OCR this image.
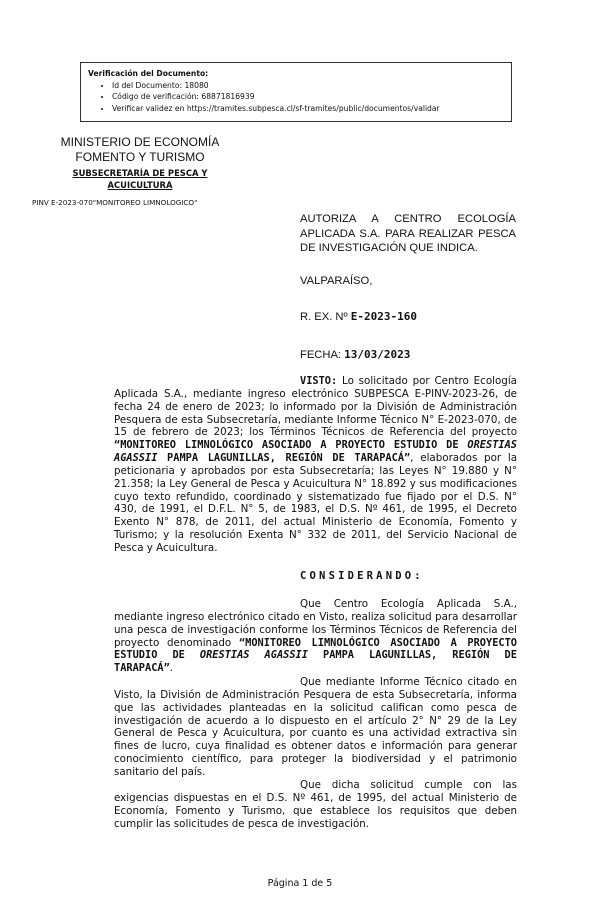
Verificación del Documento:
• Id del Documento: 18080
• Código de verificación: 68871816939
• Verificar validez en https://tramites.subpesca.cl/sf-tramites/public/documentos/validar
MINISTERIO DE ECONOMÍA
FOMENTO Y TURISMO
SUBSECRETARÍA DE PESCA Y
ACUICULTURA
PINV E-2023-070"MONITOREO LIMNOLOGICO"
AUTORIZA A CENTRO ECOLOGÍA APLICADA S.A. PARA REALIZAR PESCA DE INVESTIGACIÓN QUE INDICA.
VALPARAÍSO,
R. EX. Nº E-2023-160
FECHA: 13/03/2023
VISTO: Lo solicitado por Centro Ecología Aplicada S.A., mediante ingreso electrónico SUBPESCA E-PINV-2023-26, de fecha 24 de enero de 2023; lo informado por la División de Administración Pesquera de esta Subsecretaría, mediante Informe Técnico N° E-2023-070, de 15 de febrero de 2023; los Términos Técnicos de Referencia del proyecto “MONITOREO LIMNOLÓGICO ASOCIADO A PROYECTO ESTUDIO DE ORESTIAS AGASSII PAMPA LAGUNILLAS, REGIÓN DE TARAPACÁ”, elaborados por la peticionaria y aprobados por esta Subsecretaría; las Leyes N° 19.880 y N° 21.358; la Ley General de Pesca y Acuicultura N° 18.892 y sus modificaciones cuyo texto refundido, coordinado y sistematizado fue fijado por el D.S. N° 430, de 1991, el D.F.L. N° 5, de 1983, el D.S. Nº 461, de 1995, el Decreto Exento N° 878, de 2011, del actual Ministerio de Economía, Fomento y Turismo; y la resolución Exenta N° 332 de 2011, del Servicio Nacional de Pesca y Acuicultura.
CONSIDERANDO:
Que Centro Ecología Aplicada S.A., mediante ingreso electrónico citado en Visto, realiza solicitud para desarrollar una pesca de investigación conforme los Términos Técnicos de Referencia del proyecto denominado “MONITOREO LIMNOLÓGICO ASOCIADO A PROYECTO ESTUDIO DE ORESTIAS AGASSII PAMPA LAGUNILLAS, REGIÓN DE TARAPACÁ”.
Que mediante Informe Técnico citado en Visto, la División de Administración Pesquera de esta Subsecretaría, informa que las actividades planteadas en la solicitud califican como pesca de investigación de acuerdo a lo dispuesto en el artículo 2° N° 29 de la Ley General de Pesca y Acuicultura, por cuanto es una actividad extractiva sin fines de lucro, cuya finalidad es obtener datos e información para generar conocimiento científico, para proteger la biodiversidad y el patrimonio sanitario del país.
Que dicha solicitud cumple con las exigencias dispuestas en el D.S. Nº 461, de 1995, del actual Ministerio de Economía, Fomento y Turismo, que establece los requisitos que deben cumplir las solicitudes de pesca de investigación.
Página 1 de 5
